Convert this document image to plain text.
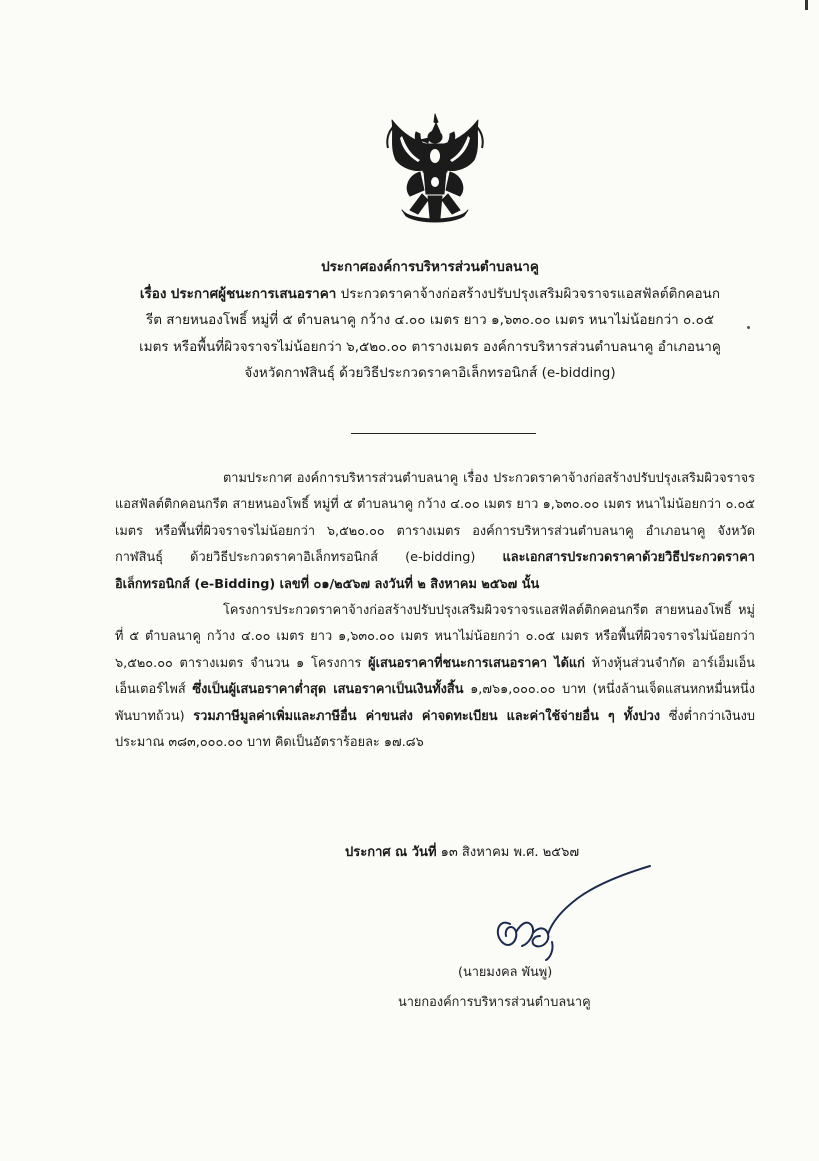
ประกาศองค์การบริหารส่วนตำบลนาคู
เรื่อง ประกาศผู้ชนะการเสนอราคา ประกวดราคาจ้างก่อสร้างปรับปรุงเสริมผิวจราจรแอสฟัลต์ติกคอนก
รีต สายหนองโพธิ์ หมู่ที่ ๕ ตำบลนาคู กว้าง ๔.๐๐ เมตร ยาว ๑,๖๓๐.๐๐ เมตร หนาไม่น้อยกว่า ๐.๐๕
เมตร หรือพื้นที่ผิวจราจรไม่น้อยกว่า ๖,๕๒๐.๐๐ ตารางเมตร องค์การบริหารส่วนตำบลนาคู อำเภอนาคู
จังหวัดกาฬสินธุ์ ด้วยวิธีประกวดราคาอิเล็กทรอนิกส์ (e-bidding)

ตามประกาศ องค์การบริหารส่วนตำบลนาคู เรื่อง ประกวดราคาจ้างก่อสร้างปรับปรุงเสริมผิวจราจรแอสฟัลต์ติกคอนกรีต สายหนองโพธิ์ หมู่ที่ ๕ ตำบลนาคู กว้าง ๔.๐๐ เมตร ยาว ๑,๖๓๐.๐๐ เมตร หนาไม่น้อยกว่า ๐.๐๕ เมตร หรือพื้นที่ผิวจราจรไม่น้อยกว่า ๖,๕๒๐.๐๐ ตารางเมตร องค์การบริหารส่วนตำบลนาคู อำเภอนาคู จังหวัดกาฬสินธุ์ ด้วยวิธีประกวดราคาอิเล็กทรอนิกส์ (e-bidding) และเอกสารประกวดราคาด้วยวิธีประกวดราคาอิเล็กทรอนิกส์ (e-Bidding) เลขที่ ๐๑/๒๕๖๗ ลงวันที่ ๒ สิงหาคม ๒๕๖๗ นั้น

โครงการประกวดราคาจ้างก่อสร้างปรับปรุงเสริมผิวจราจรแอสฟัลต์ติกคอนกรีต สายหนองโพธิ์ หมู่ที่ ๕ ตำบลนาคู กว้าง ๔.๐๐ เมตร ยาว ๑,๖๓๐.๐๐ เมตร หนาไม่น้อยกว่า ๐.๐๕ เมตร หรือพื้นที่ผิวจราจรไม่น้อยกว่า ๖,๕๒๐.๐๐ ตารางเมตร จำนวน ๑ โครงการ ผู้เสนอราคาที่ชนะการเสนอราคา ได้แก่ ห้างหุ้นส่วนจำกัด อาร์เอ็มเอ็น เอ็นเตอร์ไพส์ ซึ่งเป็นผู้เสนอราคาต่ำสุด เสนอราคาเป็นเงินทั้งสิ้น ๑,๗๖๑,๐๐๐.๐๐ บาท (หนึ่งล้านเจ็ดแสนหกหมื่นหนึ่งพันบาทถ้วน) รวมภาษีมูลค่าเพิ่มและภาษีอื่น ค่าขนส่ง ค่าจดทะเบียน และค่าใช้จ่ายอื่น ๆ ทั้งปวง ซึ่งต่ำกว่าเงินงบประมาณ ๓๘๓,๐๐๐.๐๐ บาท คิดเป็นอัตราร้อยละ ๑๗.๘๖

ประกาศ ณ วันที่ ๑๓ สิงหาคม พ.ศ. ๒๕๖๗
(นายมงคล พันพู)
นายกองค์การบริหารส่วนตำบลนาคู
